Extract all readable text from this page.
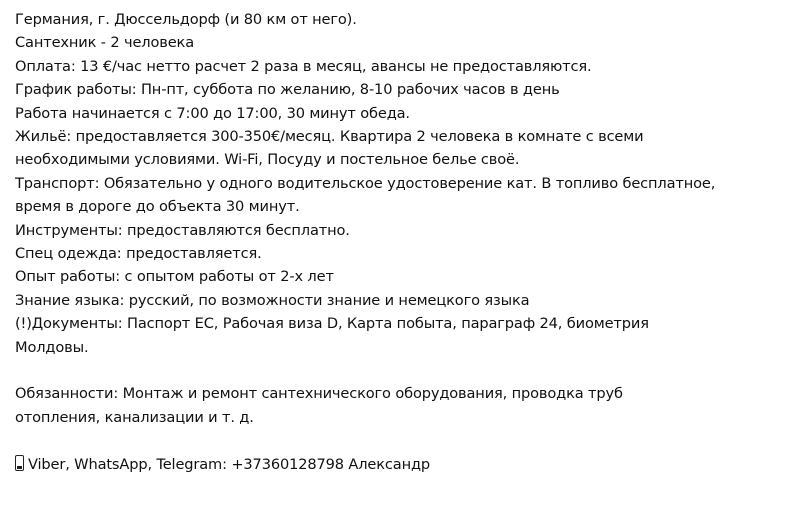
Германия, г. Дюссельдорф (и 80 км от него).
Сантехник - 2 человека
Оплата: 13 €/час нетто расчет 2 раза в месяц, авансы не предоставляются.
График работы: Пн-пт, суббота по желанию, 8-10 рабочих часов в день
Работа начинается с 7:00 до 17:00, 30 минут обеда.
Жильё: предоставляется 300-350€/месяц. Квартира 2 человека в комнате с всеми
необходимыми условиями. Wi-Fi, Посуду и постельное белье своё.
Транспорт: Обязательно у одного водительское удостоверение кат. В топливо бесплатное,
время в дороге до объекта 30 минут.
Инструменты: предоставляются бесплатно.
Спец одежда: предоставляется.
Опыт работы: с опытом работы от 2-х лет
Знание языка: русский, по возможности знание и немецкого языка
(!)Документы: Паспорт ЕС, Рабочая виза D, Карта побыта, параграф 24, биометрия
Молдовы.
Обязанности: Монтаж и ремонт сантехнического оборудования, проводка труб
отопления, канализации и т. д.
Viber, WhatsApp, Telegram: +37360128798 Александр
